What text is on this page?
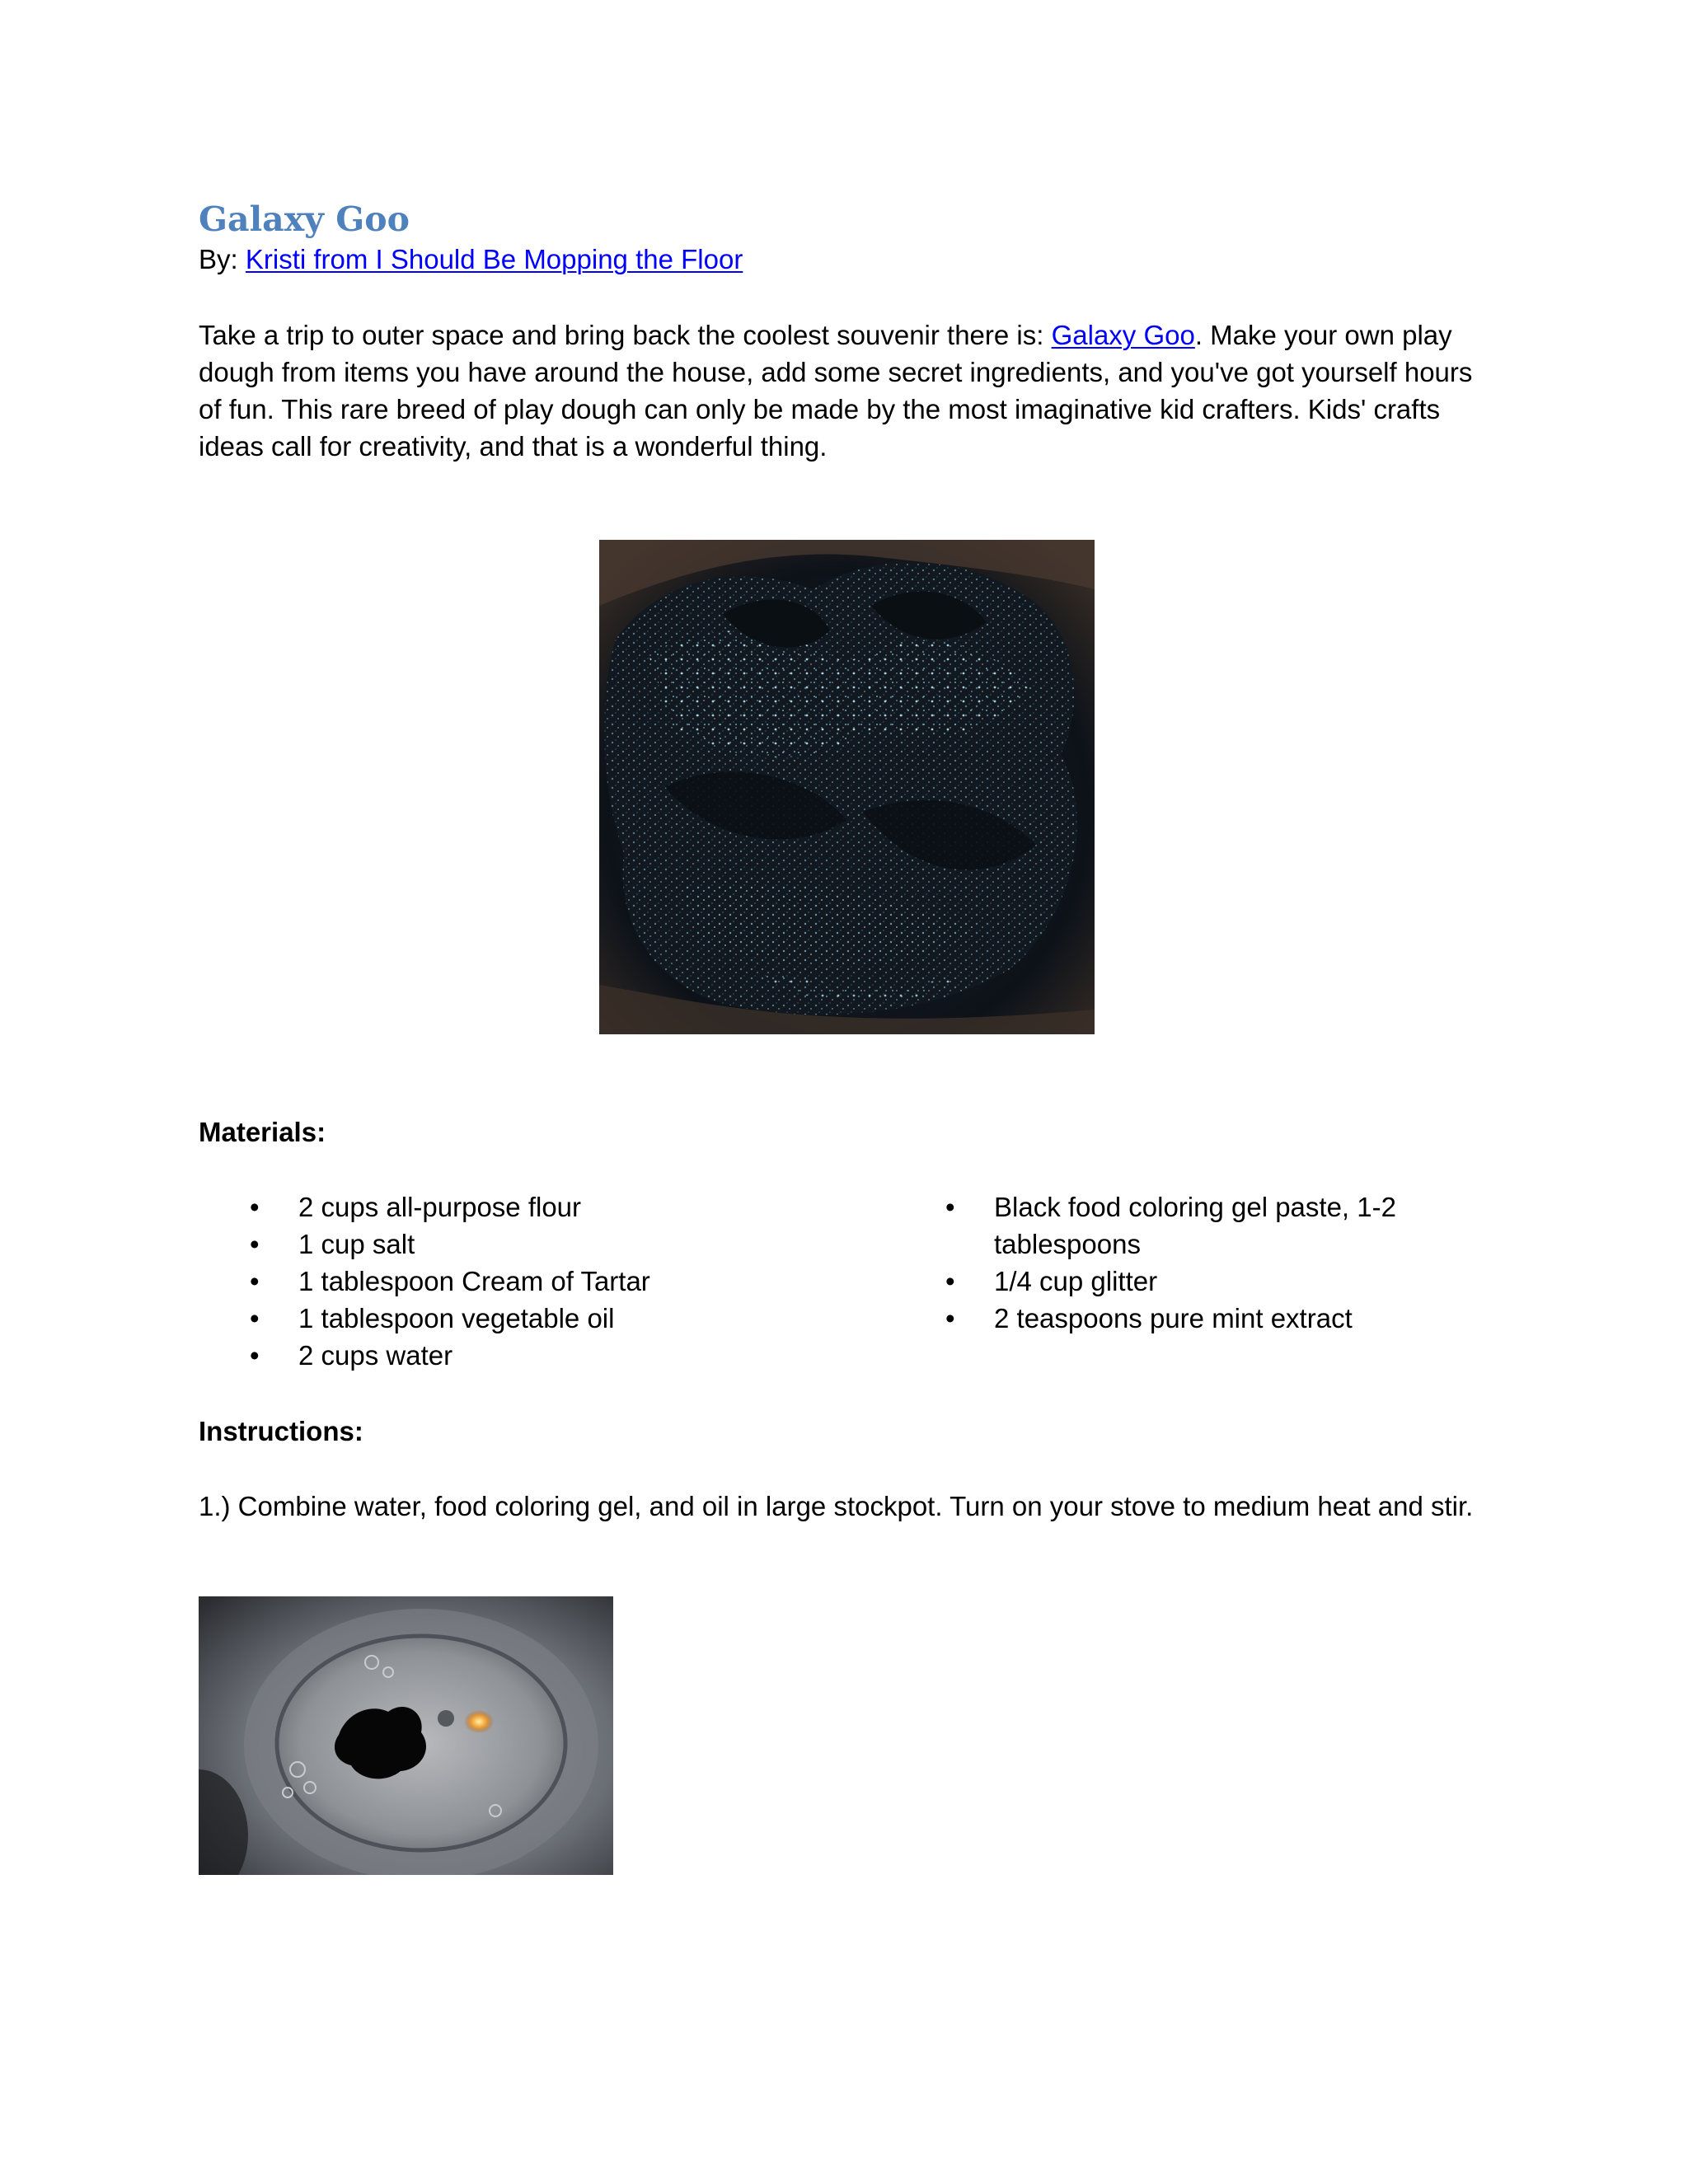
Galaxy Goo

By: Kristi from I Should Be Mopping the Floor

Take a trip to outer space and bring back the coolest souvenir there is: Galaxy Goo. Make your own play dough from items you have around the house, add some secret ingredients, and you've got yourself hours of fun. This rare breed of play dough can only be made by the most imaginative kid crafters. Kids' crafts ideas call for creativity, and that is a wonderful thing.

Materials:
• 2 cups all-purpose flour
• 1 cup salt
• 1 tablespoon Cream of Tartar
• 1 tablespoon vegetable oil
• 2 cups water
• Black food coloring gel paste, 1-2 tablespoons
• 1/4 cup glitter
• 2 teaspoons pure mint extract
Instructions:

1.) Combine water, food coloring gel, and oil in large stockpot. Turn on your stove to medium heat and stir.
